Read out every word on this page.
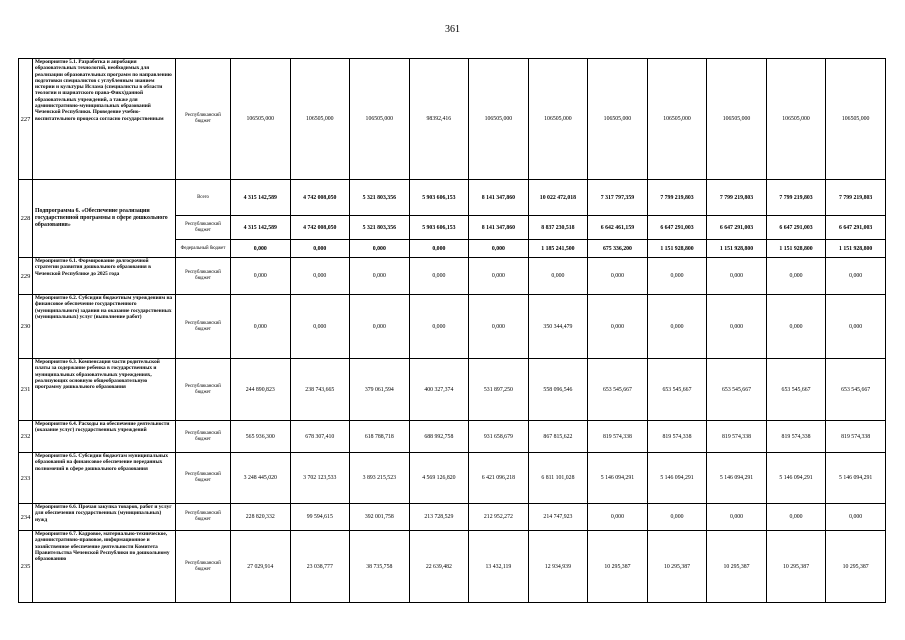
361
227	Мероприятие 5.1. Разработка и апробация образовательных технологий, необходимых для реализации образовательных программ по направлению подготовки специалистов с углубленным знанием истории и культуры Ислама (специалисты в области теологии и шариатского права-Фикх)данной образовательных учреждений, а также для административно-муниципальных образований Чеченской Республики. Проведение учебно-воспитательного процесса согласно государственным	Республиканский бюджет	106505,000	106505,000	106505,000	98392,416	106505,000	106505,000	106505,000	106505,000	106505,000	106505,000	106505,000
228	Подпрограмма 6. «Обеспечение реализации государственной программы в сфере дошкольного образования»	Всего	4 315 142,589	4 742 008,050	5 321 803,356	5 903 606,153	8 141 347,860	10 022 472,018	7 317 797,359	7 799 219,803	7 799 219,803	7 799 219,803	7 799 219,803
		Республиканский бюджет	4 315 142,589	4 742 008,050	5 321 803,356	5 903 606,153	8 141 347,860	8 837 230,518	6 642 461,159	6 647 291,003	6 647 291,003	6 647 291,003	6 647 291,003
		Федеральный бюджет	0,000	0,000	0,000	0,000	0,000	1 185 241,500	675 336,200	1 151 928,800	1 151 928,800	1 151 928,800	1 151 928,800
229	Мероприятие 6.1. Формирование долгосрочной стратегии развития дошкольного образования в Чеченской Республике до 2025 года	Республиканский бюджет	0,000	0,000	0,000	0,000	0,000	0,000	0,000	0,000	0,000	0,000	0,000
230	Мероприятие 6.2. Субсидии бюджетным учреждениям на финансовое обеспечение государственного (муниципального) задания на оказание государственных (муниципальных) услуг (выполнение работ)	Республиканский бюджет	0,000	0,000	0,000	0,000	0,000	350 344,479	0,000	0,000	0,000	0,000	0,000
231	Мероприятие 6.3. Компенсация части родительской платы за содержание ребенка в государственных и муниципальных образовательных учреждениях, реализующих основную общеобразовательную программу дошкольного образования	Республиканский бюджет	244 890,823	238 743,665	379 061,594	400 327,374	531 897,250	558 096,546	653 545,667	653 545,667	653 545,667	653 545,667	653 545,667
232	Мероприятие 6.4. Расходы на обеспечение деятельности (оказание услуг) государственных учреждений	Республиканский бюджет	565 936,300	678 307,410	618 788,718	688 992,758	931 658,679	867 815,622	819 574,338	819 574,338	819 574,338	819 574,338	819 574,338
233	Мероприятие 6.5. Субсидии бюджетам муниципальных образований на финансовое обеспечение переданных полномочий в сфере дошкольного образования	Республиканский бюджет	3 248 445,020	3 702 123,533	3 893 215,523	4 569 126,820	6 421 096,218	6 811 101,028	5 146 094,291	5 146 094,291	5 146 094,291	5 146 094,291	5 146 094,291
234	Мероприятие 6.6. Прочая закупка товаров, работ и услуг для обеспечения государственных (муниципальных) нужд	Республиканский бюджет	228 820,332	99 594,615	392 001,758	213 728,529	212 952,272	214 747,923	0,000	0,000	0,000	0,000	0,000
235	Мероприятие 6.7. Кадровое, материально-техническое, административно-правовое, информационное и хозяйственное обеспечение деятельности Комитета Правительства Чеченской Республики по дошкольному образованию	Республиканский бюджет	27 029,914	23 038,777	38 735,758	22 639,482	13 432,119	12 934,939	10 295,387	10 295,387	10 295,387	10 295,387	10 295,387
